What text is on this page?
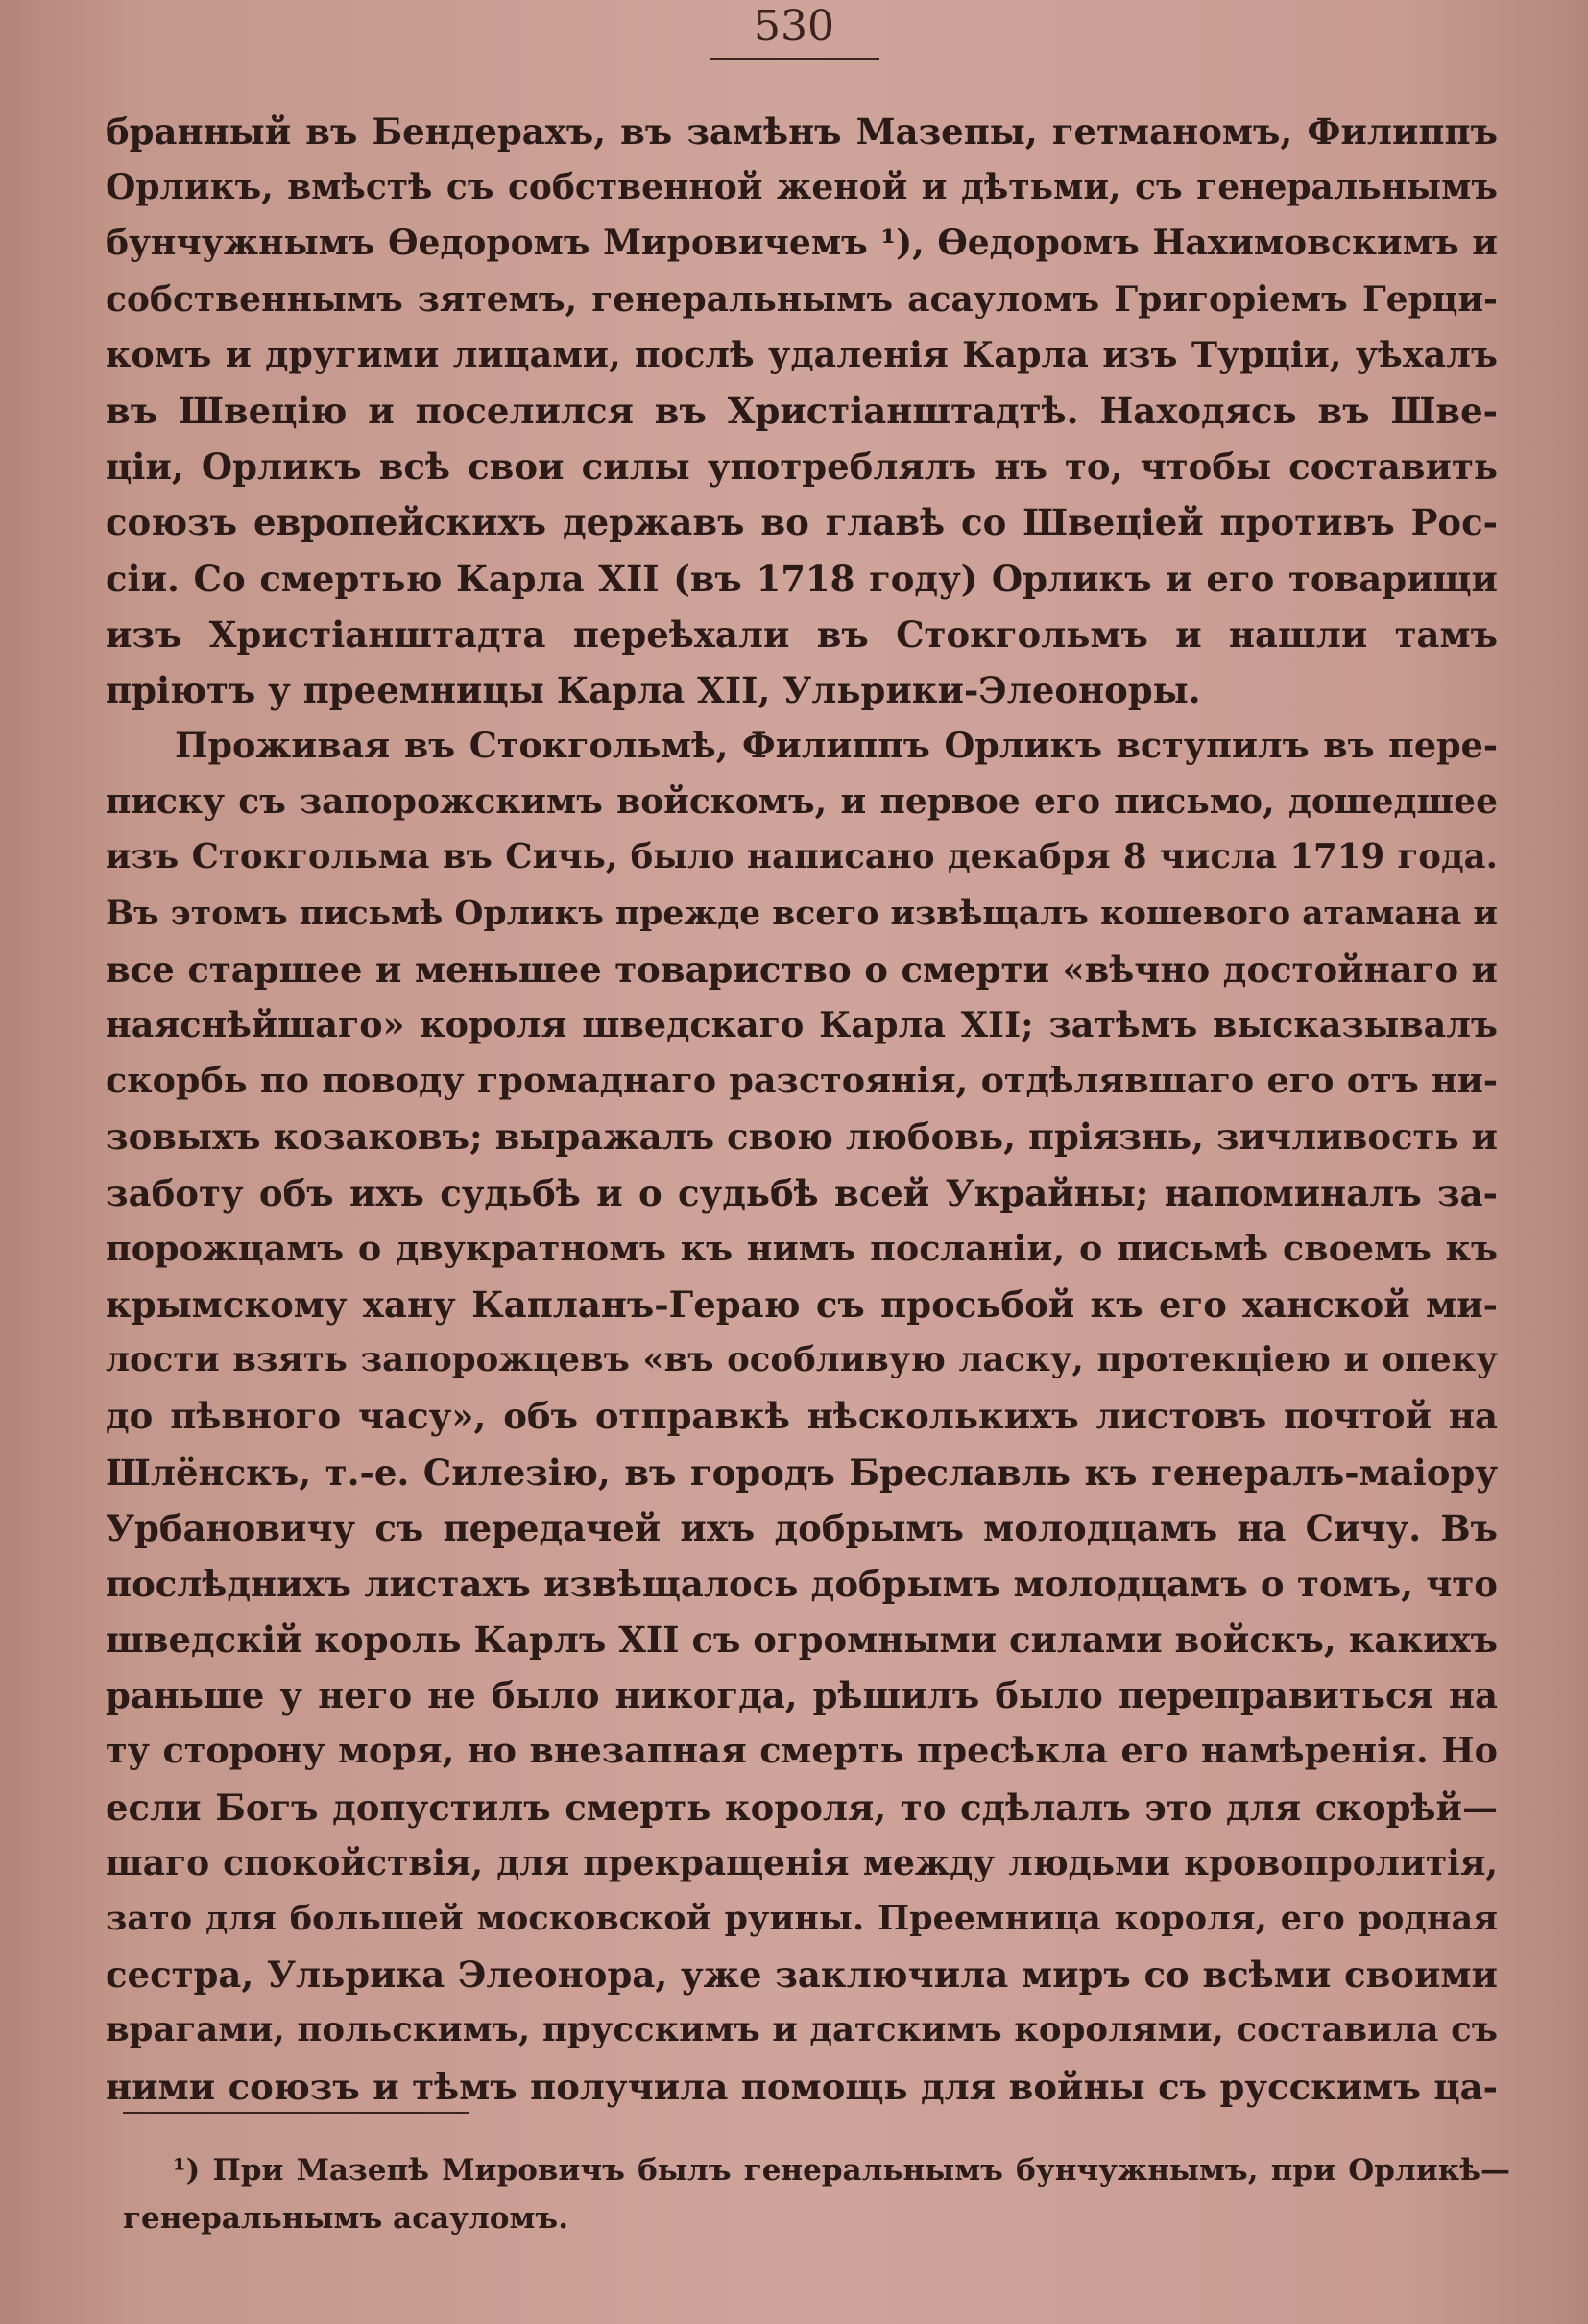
530
бранный въ Бендерахъ, въ замѣнъ Мазепы, гетманомъ, Филиппъ
Орликъ, вмѣстѣ съ собственной женой и дѣтьми, съ генеральнымъ
бунчужнымъ Ѳедоромъ Мировичемъ ¹), Ѳедоромъ Нахимовскимъ и
собственнымъ зятемъ, генеральнымъ асауломъ Григоріемъ Герци-
комъ и другими лицами, послѣ удаленія Карла изъ Турціи, уѣхалъ
въ Швецію и поселился въ Христіанштадтѣ. Находясь въ Шве-
ціи, Орликъ всѣ свои силы употреблялъ нъ то, чтобы составить
союзъ европейскихъ державъ во главѣ со Швеціей противъ Рос-
сіи. Со смертью Карла ХІІ (въ 1718 году) Орликъ и его товарищи
изъ Христіанштадта переѣхали въ Стокгольмъ и нашли тамъ
пріютъ у преемницы Карла ХІІ, Ульрики-Элеоноры.
Проживая въ Стокгольмѣ, Филиппъ Орликъ вступилъ въ пере-
писку съ запорожскимъ войскомъ, и первое его письмо, дошедшее
изъ Стокгольма въ Сичь, было написано декабря 8 числа 1719 года.
Въ этомъ письмѣ Орликъ прежде всего извѣщалъ кошевого атамана и
все старшее и меньшее товариство о смерти «вѣчно достойнаго и
наяснѣйшаго» короля шведскаго Карла ХІІ; затѣмъ высказывалъ
скорбь по поводу громаднаго разстоянія, отдѣлявшаго его отъ ни-
зовыхъ козаковъ; выражалъ свою любовь, пріязнь, зичливость и
заботу объ ихъ судьбѣ и о судьбѣ всей Украйны; напоминалъ за-
порожцамъ о двукратномъ къ нимъ посланіи, о письмѣ своемъ къ
крымскому хану Капланъ-Гераю съ просьбой къ его ханской ми-
лости взять запорожцевъ «въ особливую ласку, протекціею и опеку
до пѣвного часу», объ отправкѣ нѣсколькихъ листовъ почтой на
Шлёнскъ, т.-е. Силезію, въ городъ Бреславль къ генералъ-маіору
Урбановичу съ передачей ихъ добрымъ молодцамъ на Сичу. Въ
послѣднихъ листахъ извѣщалось добрымъ молодцамъ о томъ, что
шведскій король Карлъ ХІІ съ огромными силами войскъ, какихъ
раньше у него не было никогда, рѣшилъ было переправиться на
ту сторону моря, но внезапная смерть пресѣкла его намѣренія. Но
если Богъ допустилъ смерть короля, то сдѣлалъ это для скорѣй—
шаго спокойствія, для прекращенія между людьми кровопролитія,
зато для большей московской руины. Преемница короля, его родная
сестра, Ульрика Элеонора, уже заключила миръ со всѣми своими
врагами, польскимъ, прусскимъ и датскимъ королями, составила съ
ними союзъ и тѣмъ получила помощь для войны съ русскимъ ца-
¹) При Мазепѣ Мировичъ былъ генеральнымъ бунчужнымъ, при Орликѣ—
генеральнымъ асауломъ.
